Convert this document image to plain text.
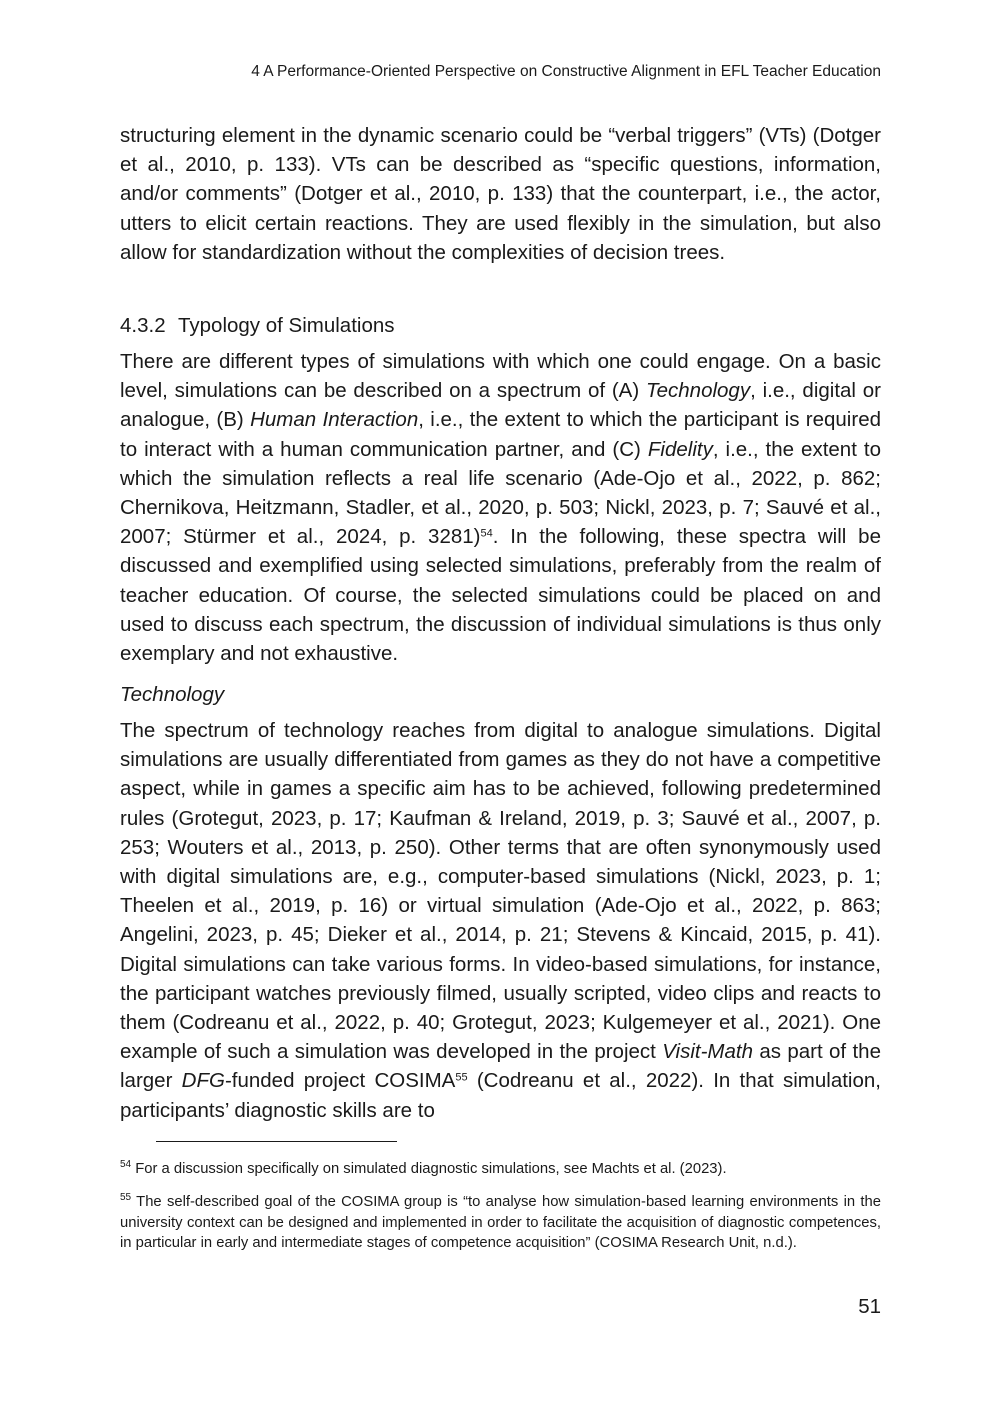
4 A Performance-Oriented Perspective on Constructive Alignment in EFL Teacher Education

structuring element in the dynamic scenario could be “verbal triggers” (VTs) (Dotger et al., 2010, p. 133). VTs can be described as “specific questions, information, and/or comments” (Dotger et al., 2010, p. 133) that the counterpart, i.e., the actor, utters to elicit certain reactions. They are used flexibly in the simulation, but also allow for standardization without the complexities of decision trees.

4.3.2 Typology of Simulations

There are different types of simulations with which one could engage. On a basic level, simulations can be described on a spectrum of (A) Technology, i.e., digital or analogue, (B) Human Interaction, i.e., the extent to which the participant is required to interact with a human communication partner, and (C) Fidelity, i.e., the extent to which the simulation reflects a real life scenario (Ade-Ojo et al., 2022, p. 862; Chernikova, Heitzmann, Stadler, et al., 2020, p. 503; Nickl, 2023, p. 7; Sauvé et al., 2007; Stürmer et al., 2024, p. 3281)$^{54}$. In the following, these spectra will be discussed and exemplified using selected simulations, preferably from the realm of teacher education. Of course, the selected simulations could be placed on and used to discuss each spectrum, the discussion of individual simulations is thus only exemplary and not exhaustive.

Technology

The spectrum of technology reaches from digital to analogue simulations. Digital simulations are usually differentiated from games as they do not have a competitive aspect, while in games a specific aim has to be achieved, following predetermined rules (Grotegut, 2023, p. 17; Kaufman & Ireland, 2019, p. 3; Sauvé et al., 2007, p. 253; Wouters et al., 2013, p. 250). Other terms that are often synonymously used with digital simulations are, e.g., computer-based simulations (Nickl, 2023, p. 1; Theelen et al., 2019, p. 16) or virtual simulation (Ade-Ojo et al., 2022, p. 863; Angelini, 2023, p. 45; Dieker et al., 2014, p. 21; Stevens & Kincaid, 2015, p. 41). Digital simulations can take various forms. In video-based simulations, for instance, the participant watches previously filmed, usually scripted, video clips and reacts to them (Codreanu et al., 2022, p. 40; Grotegut, 2023; Kulgemeyer et al., 2021). One example of such a simulation was developed in the project Visit-Math as part of the larger DFG-funded project COSIMA$^{55}$ (Codreanu et al., 2022). In that simulation, participants’ diagnostic skills are to

$^{54}$ For a discussion specifically on simulated diagnostic simulations, see Machts et al. (2023).

$^{55}$ The self-described goal of the COSIMA group is “to analyse how simulation-based learning environments in the university context can be designed and implemented in order to facilitate the acquisition of diagnostic competences, in particular in early and intermediate stages of competence acquisition” (COSIMA Research Unit, n.d.).

51
